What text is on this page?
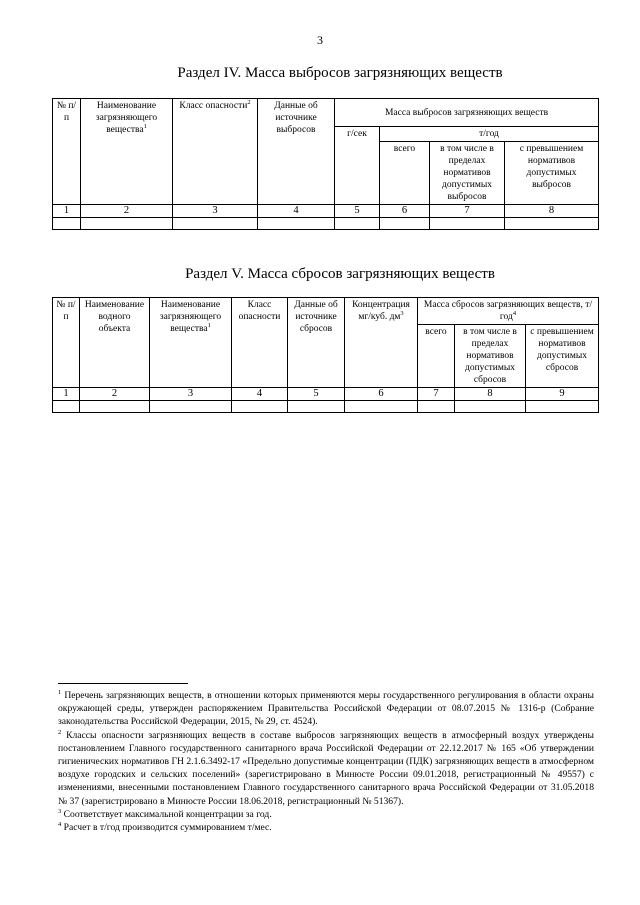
3
Раздел IV. Масса выбросов загрязняющих веществ
№ п/п	Наименование загрязняющего вещества$^1$	Класс опасности$^2$	Данные об источнике выбросов	Масса выбросов загрязняющих веществ			
				г/сек	т/год		
					всего	в том числе в пределах нормативов допустимых выбросов	с превышением нормативов допустимых выбросов
1	2	3	4	5	6	7	8

Раздел V. Масса сбросов загрязняющих веществ
№ п/п	Наименование водного объекта	Наименование загрязняющего вещества$^1$	Класс опасности	Данные об источнике сбросов	Концентрация мг/куб. $дм^3$	Масса сбросов загрязняющих веществ, т/год$^4$
						всего	в том числе в пределах нормативов допустимых сбросов	с превышением нормативов допустимых сбросов
1	2	3	4	5	6	7	8	9

$^1$ Перечень загрязняющих веществ, в отношении которых применяются меры государственного регулирования в области охраны окружающей среды, утвержден распоряжением Правительства Российской Федерации от 08.07.2015 № 1316-р (Собрание законодательства Российской Федерации, 2015, № 29, ст. 4524).

$^2$ Классы опасности загрязняющих веществ в составе выбросов загрязняющих веществ в атмосферный воздух утверждены постановлением Главного государственного санитарного врача Российской Федерации от 22.12.2017 № 165 «Об утверждении гигиенических нормативов ГН 2.1.6.3492-17 «Предельно допустимые концентрации (ПДК) загрязняющих веществ в атмосферном воздухе городских и сельских поселений» (зарегистрировано в Минюсте России 09.01.2018, регистрационный № 49557) с изменениями, внесенными постановлением Главного государственного санитарного врача Российской Федерации от 31.05.2018 № 37 (зарегистрировано в Минюсте России 18.06.2018, регистрационный № 51367).

$^3$ Соответствует максимальной концентрации за год.

$^4$ Расчет в т/год производится суммированием т/мес.
